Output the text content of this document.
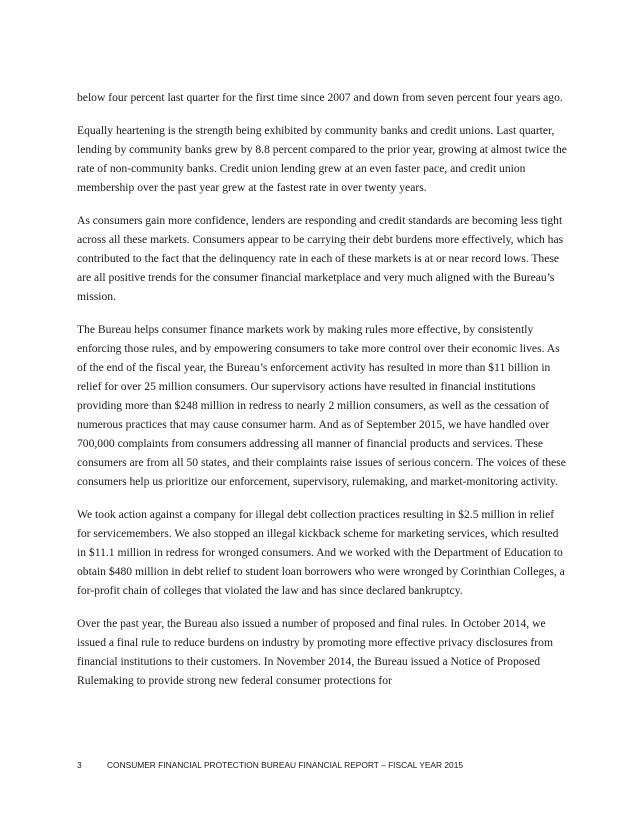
below four percent last quarter for the first time since 2007 and down from seven percent four years ago.

Equally heartening is the strength being exhibited by community banks and credit unions. Last quarter, lending by community banks grew by 8.8 percent compared to the prior year, growing at almost twice the rate of non-community banks. Credit union lending grew at an even faster pace, and credit union membership over the past year grew at the fastest rate in over twenty years.

As consumers gain more confidence, lenders are responding and credit standards are becoming less tight across all these markets. Consumers appear to be carrying their debt burdens more effectively, which has contributed to the fact that the delinquency rate in each of these markets is at or near record lows. These are all positive trends for the consumer financial marketplace and very much aligned with the Bureau’s mission.

The Bureau helps consumer finance markets work by making rules more effective, by consistently enforcing those rules, and by empowering consumers to take more control over their economic lives. As of the end of the fiscal year, the Bureau’s enforcement activity has resulted in more than $11 billion in relief for over 25 million consumers. Our supervisory actions have resulted in financial institutions providing more than $248 million in redress to nearly 2 million consumers, as well as the cessation of numerous practices that may cause consumer harm. And as of September 2015, we have handled over 700,000 complaints from consumers addressing all manner of financial products and services. These consumers are from all 50 states, and their complaints raise issues of serious concern. The voices of these consumers help us prioritize our enforcement, supervisory, rulemaking, and market-monitoring activity.

We took action against a company for illegal debt collection practices resulting in $2.5 million in relief for servicemembers. We also stopped an illegal kickback scheme for marketing services, which resulted in $11.1 million in redress for wronged consumers. And we worked with the Department of Education to obtain $480 million in debt relief to student loan borrowers who were wronged by Corinthian Colleges, a for-profit chain of colleges that violated the law and has since declared bankruptcy.

Over the past year, the Bureau also issued a number of proposed and final rules. In October 2014, we issued a final rule to reduce burdens on industry by promoting more effective privacy disclosures from financial institutions to their customers. In November 2014, the Bureau issued a Notice of Proposed Rulemaking to provide strong new federal consumer protections for

3	CONSUMER FINANCIAL PROTECTION BUREAU FINANCIAL REPORT – FISCAL YEAR 2015
